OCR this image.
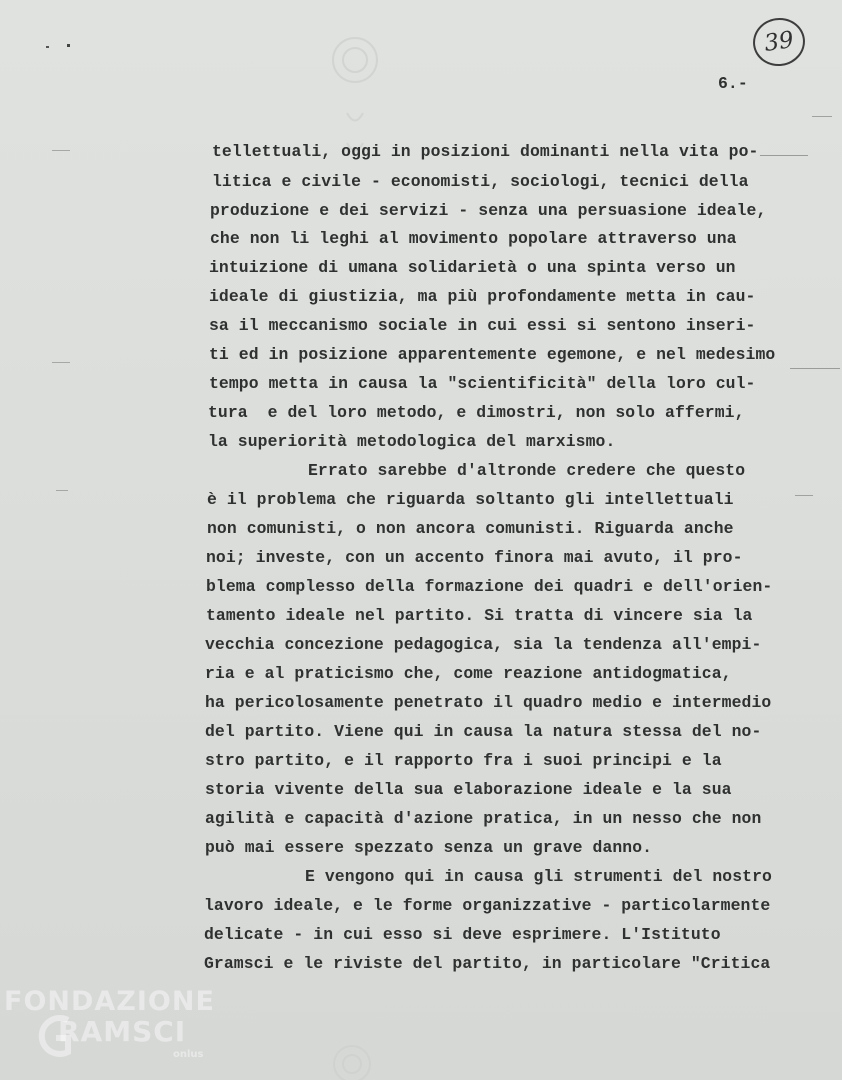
39
6.-
tellettuali, oggi in posizioni dominanti nella vita po-
litica e civile - economisti, sociologi, tecnici della
produzione e dei servizi - senza una persuasione ideale,
che non li leghi al movimento popolare attraverso una
intuizione di umana solidarietà o una spinta verso un
ideale di giustizia, ma più profondamente metta in cau-
sa il meccanismo sociale in cui essi si sentono inseri-
ti ed in posizione apparentemente egemone, e nel medesimo
tempo metta in causa la "scientificità" della loro cul-
tura  e del loro metodo, e dimostri, non solo affermi,
la superiorità metodologica del marxismo.
Errato sarebbe d'altronde credere che questo
è il problema che riguarda soltanto gli intellettuali
non comunisti, o non ancora comunisti. Riguarda anche
noi; investe, con un accento finora mai avuto, il pro-
blema complesso della formazione dei quadri e dell'orien-
tamento ideale nel partito. Si tratta di vincere sia la
vecchia concezione pedagogica, sia la tendenza all'empi-
ria e al praticismo che, come reazione antidogmatica,
ha pericolosamente penetrato il quadro medio e intermedio
del partito. Viene qui in causa la natura stessa del no-
stro partito, e il rapporto fra i suoi principi e la
storia vivente della sua elaborazione ideale e la sua
agilità e capacità d'azione pratica, in un nesso che non
può mai essere spezzato senza un grave danno.
E vengono qui in causa gli strumenti del nostro
lavoro ideale, e le forme organizzative - particolarmente
delicate - in cui esso si deve esprimere. L'Istituto
Gramsci e le riviste del partito, in particolare "Critica
FONDAZIONE
RAMSCI
onlus
